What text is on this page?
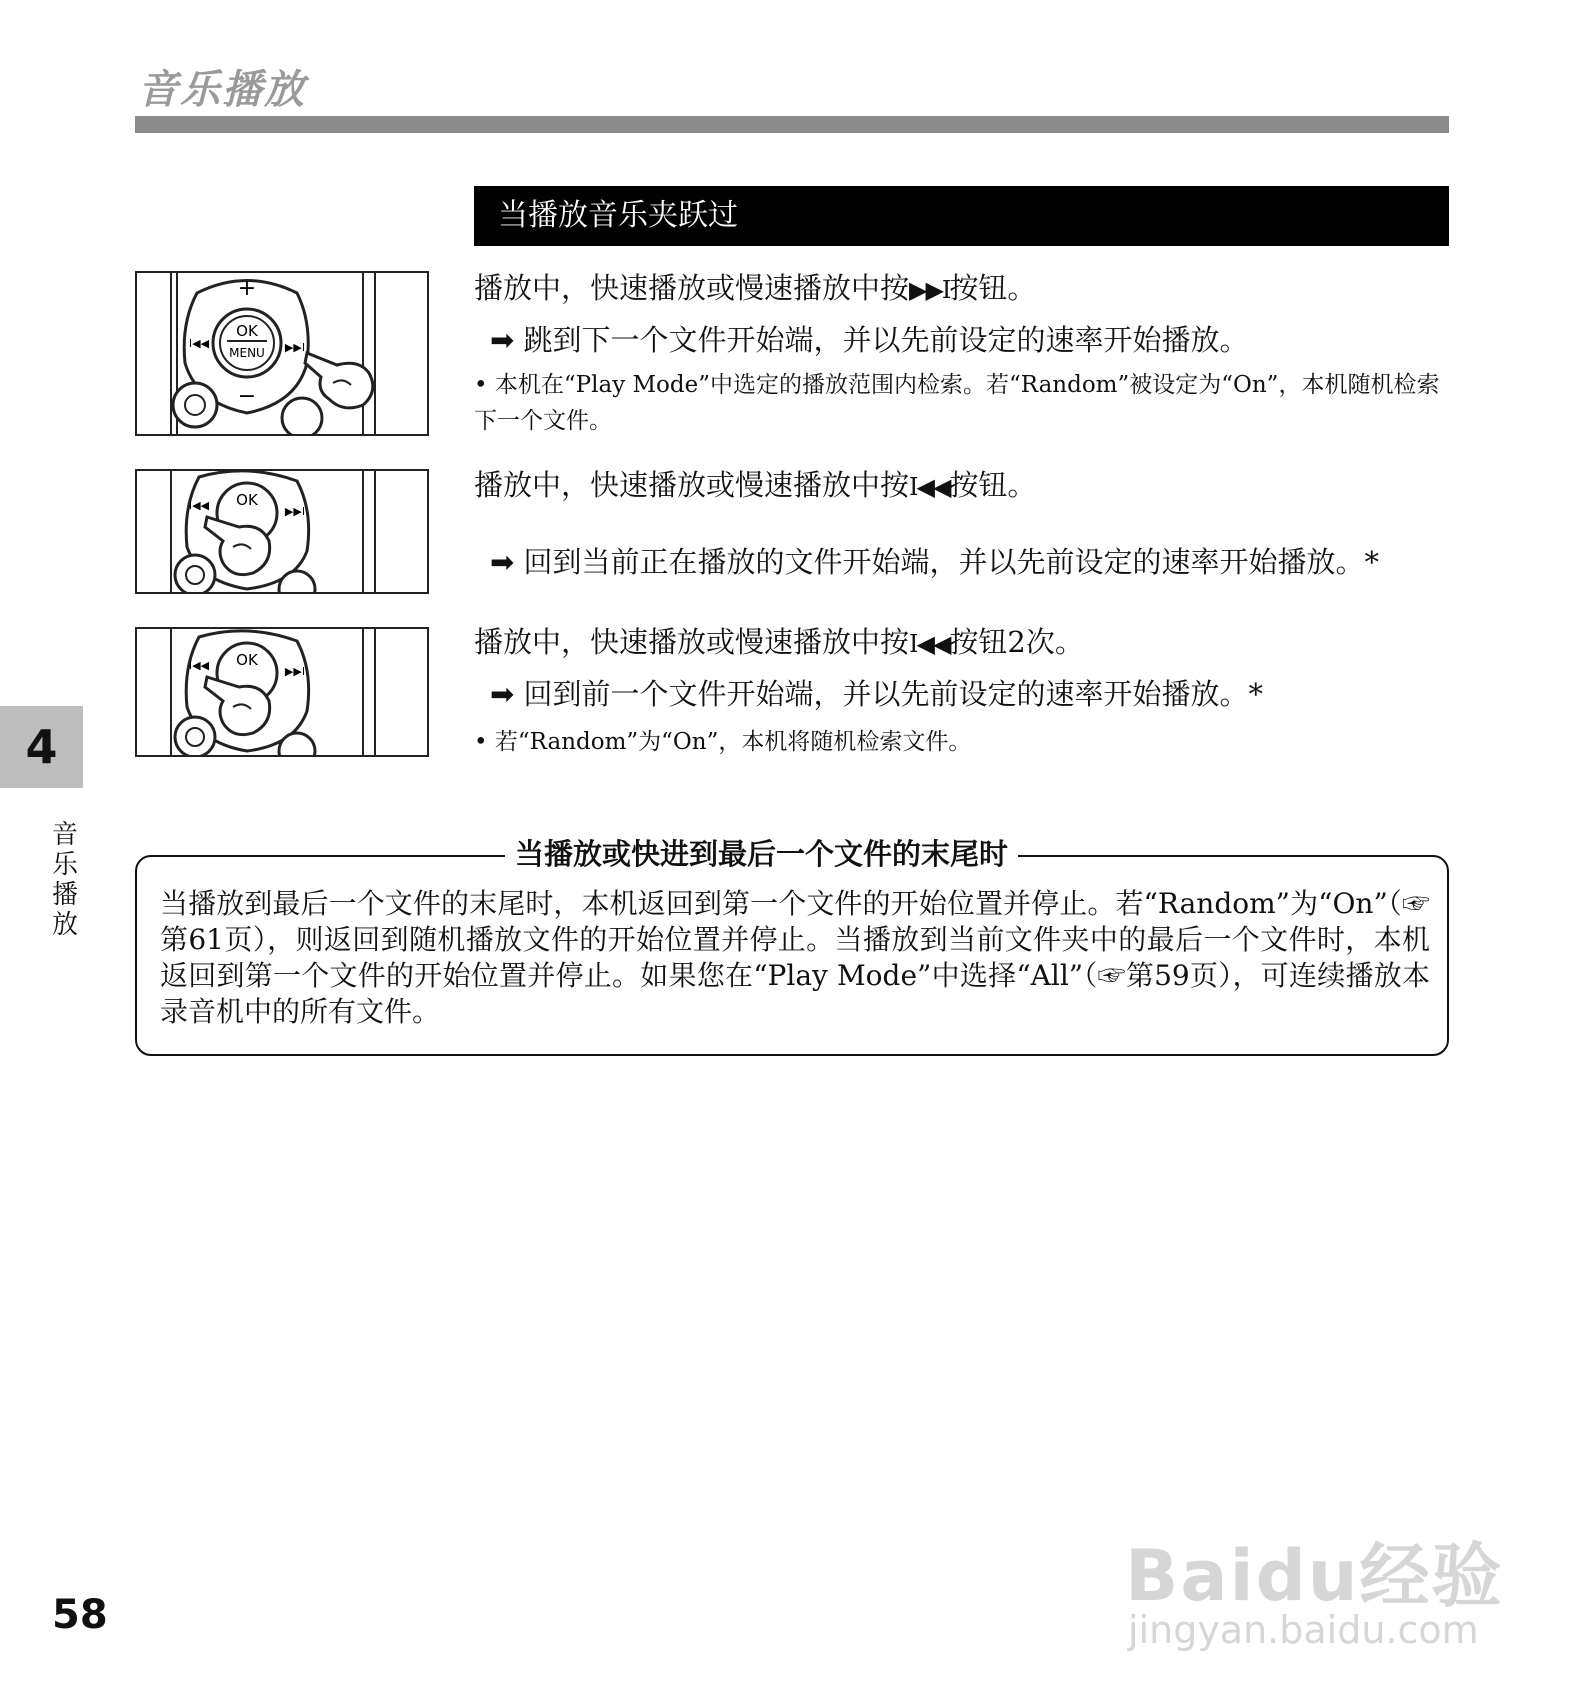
音乐播放
当播放音乐夹跃过
OK
MENU
+
−
I◀◀	▶▶I
播放中，快速播放或慢速播放中按▶▶I按钮。
➡ 跳到下一个文件开始端，并以先前设定的速率开始播放。
• 本机在“Play Mode”中选定的播放范围内检索。若“Random”被设定为“On”，本机随机检索下一个文件。
OK
I◀◀	▶▶I
播放中，快速播放或慢速播放中按I◀◀按钮。
➡ 回到当前正在播放的文件开始端，并以先前设定的速率开始播放。*
OK
I◀◀	▶▶I
播放中，快速播放或慢速播放中按I◀◀按钮2次。
➡ 回到前一个文件开始端，并以先前设定的速率开始播放。*
• 若“Random”为“On”，本机将随机检索文件。
4
音乐播放
当播放或快进到最后一个文件的末尾时
当播放到最后一个文件的末尾时，本机返回到第一个文件的开始位置并停止。若“Random”为“On”（☞第61页），则返回到随机播放文件的开始位置并停止。当播放到当前文件夹中的最后一个文件时，本机返回到第一个文件的开始位置并停止。如果您在“Play Mode”中选择“All”（☞第59页），可连续播放本录音机中的所有文件。
58	Baidu经验
jingyan.baidu.com
